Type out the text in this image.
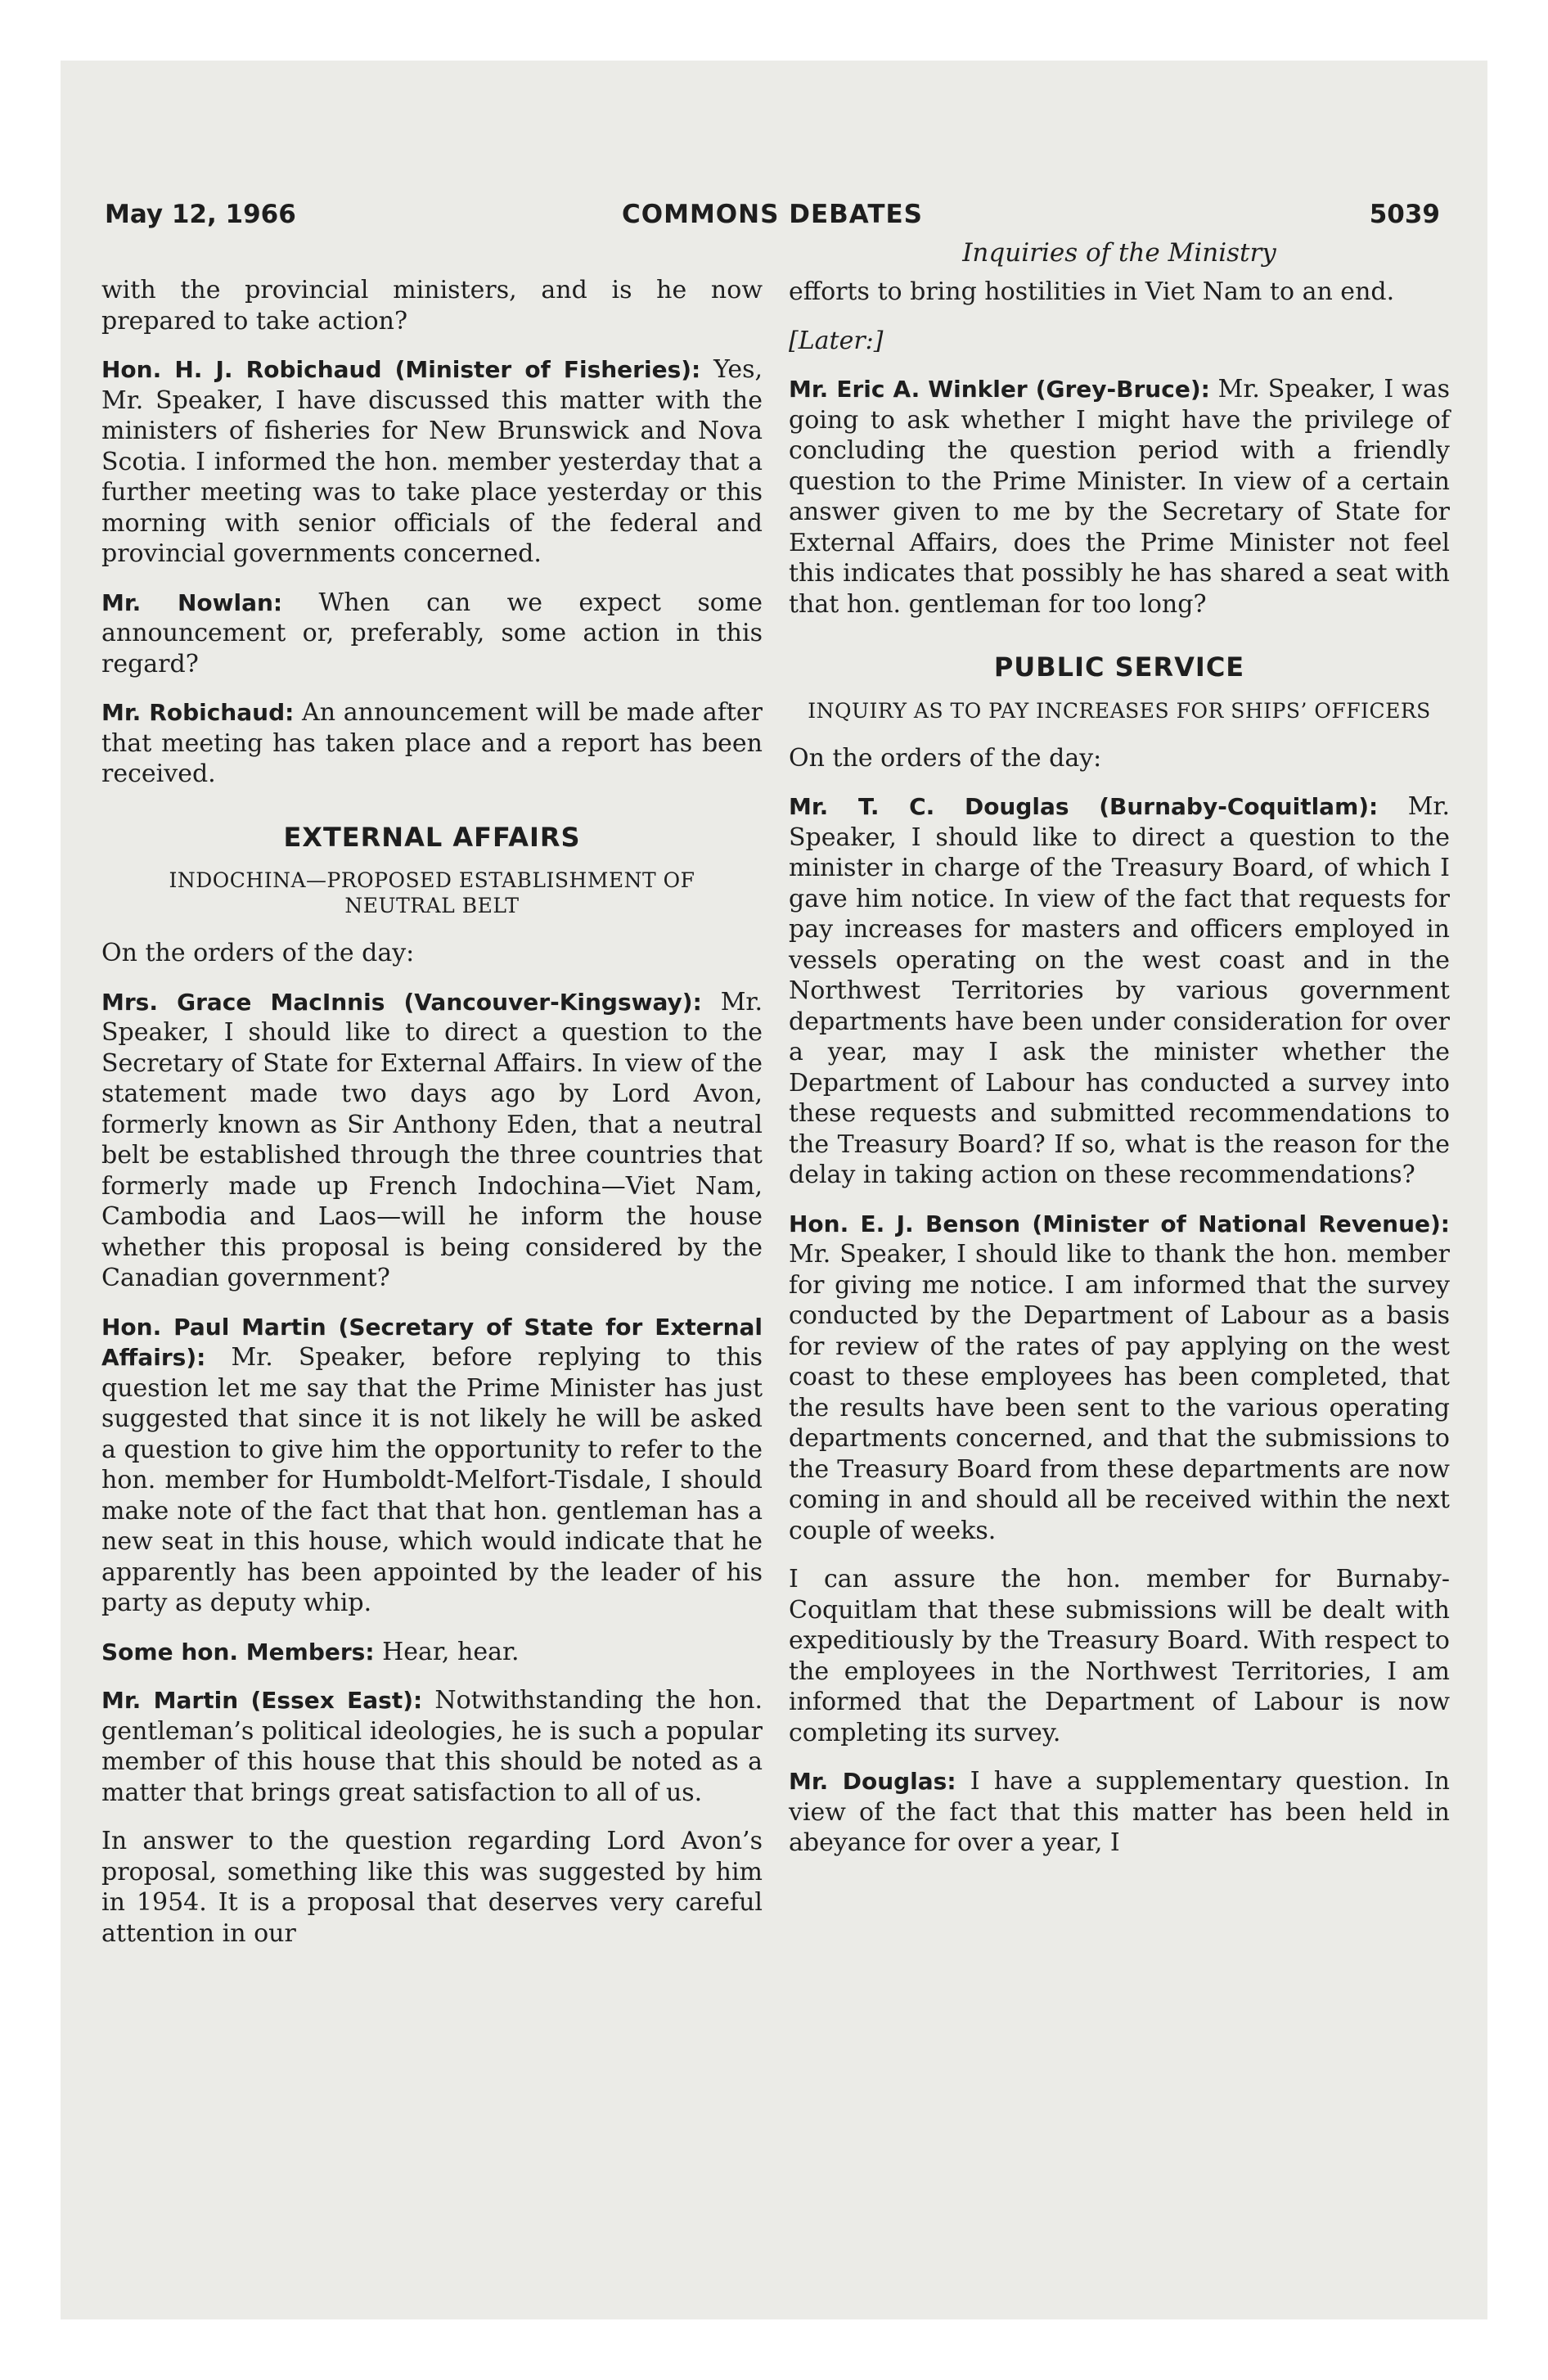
May 12, 1966	COMMONS DEBATES	5039

with the provincial ministers, and is he now prepared to take action?

Hon. H. J. Robichaud (Minister of Fisheries): Yes, Mr. Speaker, I have discussed this matter with the ministers of fisheries for New Brunswick and Nova Scotia. I informed the hon. member yesterday that a further meeting was to take place yesterday or this morning with senior officials of the federal and provincial governments concerned.

Mr. Nowlan: When can we expect some announcement or, preferably, some action in this regard?

Mr. Robichaud: An announcement will be made after that meeting has taken place and a report has been received.

EXTERNAL AFFAIRS
INDOCHINA—PROPOSED ESTABLISHMENT OF NEUTRAL BELT

On the orders of the day:

Mrs. Grace MacInnis (Vancouver-Kingsway): Mr. Speaker, I should like to direct a question to the Secretary of State for External Affairs. In view of the statement made two days ago by Lord Avon, formerly known as Sir Anthony Eden, that a neutral belt be established through the three countries that formerly made up French Indochina—Viet Nam, Cambodia and Laos—will he inform the house whether this proposal is being considered by the Canadian government?

Hon. Paul Martin (Secretary of State for External Affairs): Mr. Speaker, before replying to this question let me say that the Prime Minister has just suggested that since it is not likely he will be asked a question to give him the opportunity to refer to the hon. member for Humboldt-Melfort-Tisdale, I should make note of the fact that that hon. gentleman has a new seat in this house, which would indicate that he apparently has been appointed by the leader of his party as deputy whip.

Some hon. Members: Hear, hear.

Mr. Martin (Essex East): Notwithstanding the hon. gentleman’s political ideologies, he is such a popular member of this house that this should be noted as a matter that brings great satisfaction to all of us.

In answer to the question regarding Lord Avon’s proposal, something like this was suggested by him in 1954. It is a proposal that deserves very careful attention in our

Inquiries of the Ministry

efforts to bring hostilities in Viet Nam to an end.

[Later:]

Mr. Eric A. Winkler (Grey-Bruce): Mr. Speaker, I was going to ask whether I might have the privilege of concluding the question period with a friendly question to the Prime Minister. In view of a certain answer given to me by the Secretary of State for External Affairs, does the Prime Minister not feel this indicates that possibly he has shared a seat with that hon. gentleman for too long?

PUBLIC SERVICE
INQUIRY AS TO PAY INCREASES FOR SHIPS’ OFFICERS

On the orders of the day:

Mr. T. C. Douglas (Burnaby-Coquitlam): Mr. Speaker, I should like to direct a question to the minister in charge of the Treasury Board, of which I gave him notice. In view of the fact that requests for pay increases for masters and officers employed in vessels operating on the west coast and in the Northwest Territories by various government departments have been under consideration for over a year, may I ask the minister whether the Department of Labour has conducted a survey into these requests and submitted recommendations to the Treasury Board? If so, what is the reason for the delay in taking action on these recommendations?

Hon. E. J. Benson (Minister of National Revenue): Mr. Speaker, I should like to thank the hon. member for giving me notice. I am informed that the survey conducted by the Department of Labour as a basis for review of the rates of pay applying on the west coast to these employees has been completed, that the results have been sent to the various operating departments concerned, and that the submissions to the Treasury Board from these departments are now coming in and should all be received within the next couple of weeks.

I can assure the hon. member for Burnaby-Coquitlam that these submissions will be dealt with expeditiously by the Treasury Board. With respect to the employees in the Northwest Territories, I am informed that the Department of Labour is now completing its survey.

Mr. Douglas: I have a supplementary question. In view of the fact that this matter has been held in abeyance for over a year, I
